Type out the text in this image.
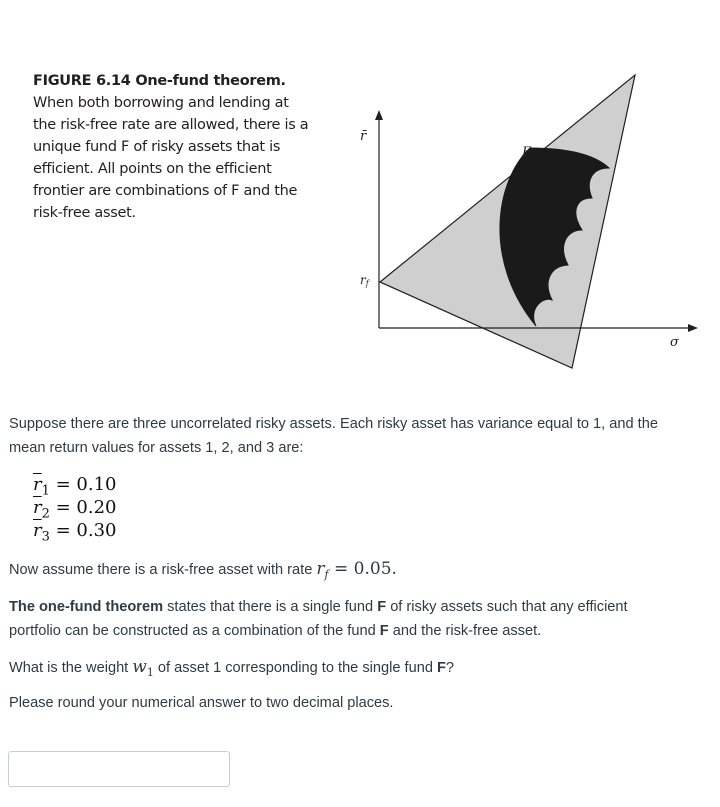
FIGURE 6.14 One-fund theorem. When both borrowing and lending at the risk-free rate are allowed, there is a unique fund F of risky assets that is efficient. All points on the efficient frontier are combinations of F and the risk-free asset.
r̄
σ
rf
F

Suppose there are three uncorrelated risky assets. Each risky asset has variance equal to 1, and the
mean return values for assets 1, 2, and 3 are:

$\overline{r}_1 = 0.10$
$\overline{r}_2 = 0.20$
$\overline{r}_3 = 0.30$

Now assume there is a risk-free asset with rate $r_f = 0.05$.

The one-fund theorem states that there is a single fund F of risky assets such that any efficient
portfolio can be constructed as a combination of the fund F and the risk-free asset.

What is the weight $w_1$ of asset 1 corresponding to the single fund F?

Please round your numerical answer to two decimal places.
